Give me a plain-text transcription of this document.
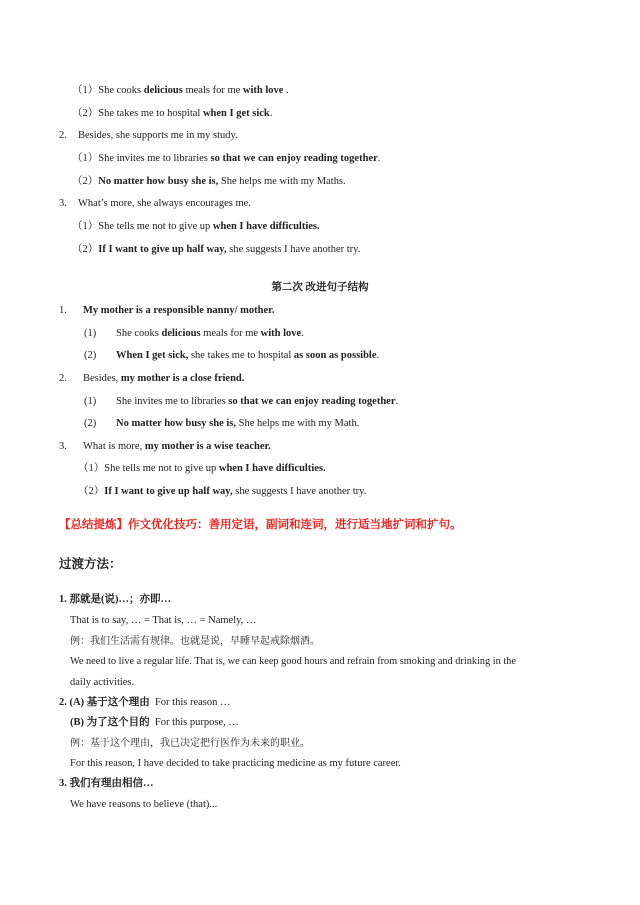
（1）She cooks delicious meals for me with love .
（2）She takes me to hospital when I get sick.
2. Besides, she supports me in my study.
（1）She invites me to libraries so that we can enjoy reading together.
（2）No matter how busy she is, She helps me with my Maths.
3. What’s more, she always encourages me.
（1）She tells me not to give up when I have difficulties.
（2）If I want to give up half way, she suggests I have another try.
第二次 改进句子结构
1. My mother is a responsible nanny/ mother.
(1) She cooks delicious meals for me with love.
(2) When I get sick, she takes me to hospital as soon as possible.
2. Besides, my mother is a close friend.
(1) She invites me to libraries so that we can enjoy reading together.
(2) No matter how busy she is, She helps me with my Math.
3. What is more, my mother is a wise teacher.
（1）She tells me not to give up when I have difficulties.
（2）If I want to give up half way, she suggests I have another try.
【总结提炼】作文优化技巧：善用定语，副词和连词，进行适当地扩词和扩句。
过渡方法：
1. 那就是(说)…；亦即…
That is to say, … = That is, … = Namely, …
例：我们生活需有规律。也就是说，早睡早起戒除烟酒。
We need to live a regular life. That is, we can keep good hours and refrain from smoking and drinking in the
daily activities.
2. (A) 基于这个理由 For this reason …
(B) 为了这个目的 For this purpose, …
例：基于这个理由，我已决定把行医作为未来的职业。
For this reason, I have decided to take practicing medicine as my future career.
3. 我们有理由相信…
We have reasons to believe (that)...
